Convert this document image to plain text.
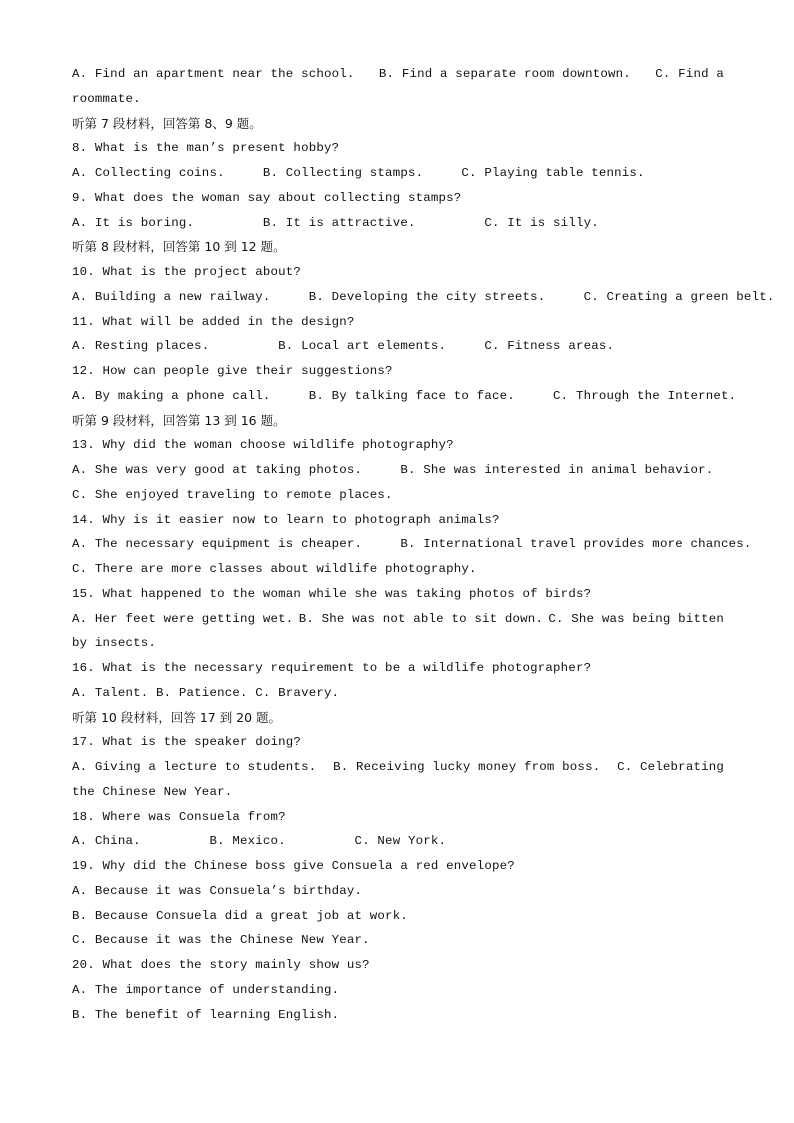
A. Find an apartment near the school. B. Find a separate room downtown. C. Find a
roommate.
听第 7 段材料，回答第 8、9 题。
8. What is the man’s present hobby?
A. Collecting coins.     B. Collecting stamps.     C. Playing table tennis.
9. What does the woman say about collecting stamps?
A. It is boring.         B. It is attractive.         C. It is silly.
听第 8 段材料，回答第 10 到 12 题。
10. What is the project about?
A. Building a new railway.     B. Developing the city streets.     C. Creating a green belt.
11. What will be added in the design?
A. Resting places.         B. Local art elements.     C. Fitness areas.
12. How can people give their suggestions?
A. By making a phone call.     B. By talking face to face.     C. Through the Internet.
听第 9 段材料，回答第 13 到 16 题。
13. Why did the woman choose wildlife photography?
A. She was very good at taking photos.     B. She was interested in animal behavior.
C. She enjoyed traveling to remote places.
14. Why is it easier now to learn to photograph animals?
A. The necessary equipment is cheaper.     B. International travel provides more chances.
C. There are more classes about wildlife photography.
15. What happened to the woman while she was taking photos of birds?
A. Her feet were getting wet. B. She was not able to sit down. C. She was being bitten
by insects.
16. What is the necessary requirement to be a wildlife photographer?
A. Talent. B. Patience. C. Bravery.
听第 10 段材料，回答 17 到 20 题。
17. What is the speaker doing?
A. Giving a lecture to students. B. Receiving lucky money from boss. C. Celebrating
the Chinese New Year.
18. Where was Consuela from?
A. China.         B. Mexico.         C. New York.
19. Why did the Chinese boss give Consuela a red envelope?
A. Because it was Consuela’s birthday.
B. Because Consuela did a great job at work.
C. Because it was the Chinese New Year.
20. What does the story mainly show us?
A. The importance of understanding.
B. The benefit of learning English.
